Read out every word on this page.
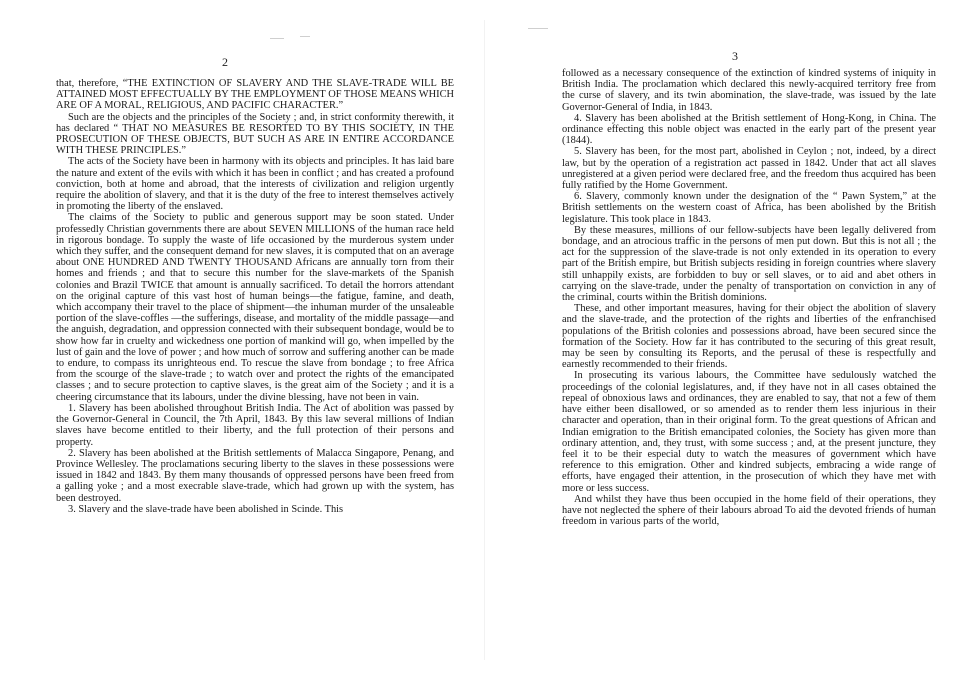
that, therefore, “THE EXTINCTION OF SLAVERY AND THE SLAVE-TRADE WILL BE ATTAINED MOST EFFECTUALLY BY THE EMPLOYMENT OF THOSE MEANS WHICH ARE OF A MORAL, RELIGIOUS, AND PACIFIC CHARACTER.”

Such are the objects and the principles of the Society ; and, in strict conformity therewith, it has declared “ THAT NO MEASURES BE RESORTED TO BY THIS SOCIETY, IN THE PROSECUTION OF THESE OBJECTS, BUT SUCH AS ARE IN ENTIRE ACCORDANCE WITH THESE PRINCIPLES.”

The acts of the Society have been in harmony with its objects and principles. It has laid bare the nature and extent of the evils with which it has been in conflict ; and has created a profound conviction, both at home and abroad, that the interests of civilization and religion urgently require the abolition of slavery, and that it is the duty of the free to interest themselves actively in promoting the liberty of the enslaved.

The claims of the Society to public and generous support may be soon stated. Under professedly Christian governments there are about SEVEN MILLIONS of the human race held in rigorous bondage. To supply the waste of life occasioned by the murderous system under which they suffer, and the consequent demand for new slaves, it is computed that on an average about ONE HUNDRED AND TWENTY THOUSAND Africans are annually torn from their homes and friends ; and that to secure this number for the slave-markets of the Spanish colonies and Brazil TWICE that amount is annually sacrificed. To detail the horrors attendant on the original capture of this vast host of human beings—the fatigue, famine, and death, which accompany their travel to the place of shipment—the inhuman murder of the unsaleable portion of the slave-coffles —the sufferings, disease, and mortality of the middle passage—and the anguish, degradation, and oppression connected with their subsequent bondage, would be to show how far in cruelty and wickedness one portion of mankind will go, when impelled by the lust of gain and the love of power ; and how much of sorrow and suffering another can be made to endure, to compass its unrighteous end. To rescue the slave from bondage ; to free Africa from the scourge of the slave-trade ; to watch over and protect the rights of the emancipated classes ; and to secure protection to captive slaves, is the great aim of the Society ; and it is a cheering circumstance that its labours, under the divine blessing, have not been in vain.

1. Slavery has been abolished throughout British India. The Act of abolition was passed by the Governor-General in Council, the 7th April, 1843. By this law several millions of Indian slaves have become entitled to their liberty, and the full protection of their persons and property.

2. Slavery has been abolished at the British settlements of Malacca Singapore, Penang, and Province Wellesley. The proclamations securing liberty to the slaves in these possessions were issued in 1842 and 1843. By them many thousands of oppressed persons have been freed from a galling yoke ; and a most execrable slave-trade, which had grown up with the system, has been destroyed.

3. Slavery and the slave-trade have been abolished in Scinde. This

2

followed as a necessary consequence of the extinction of kindred systems of iniquity in British India. The proclamation which declared this newly-acquired territory free from the curse of slavery, and its twin abomination, the slave-trade, was issued by the late Governor-General of India, in 1843.

4. Slavery has been abolished at the British settlement of Hong-Kong, in China. The ordinance effecting this noble object was enacted in the early part of the present year (1844).

5. Slavery has been, for the most part, abolished in Ceylon ; not, indeed, by a direct law, but by the operation of a registration act passed in 1842. Under that act all slaves unregistered at a given period were declared free, and the freedom thus acquired has been fully ratified by the Home Government.

6. Slavery, commonly known under the designation of the “ Pawn System,” at the British settlements on the western coast of Africa, has been abolished by the British legislature. This took place in 1843.

By these measures, millions of our fellow-subjects have been legally delivered from bondage, and an atrocious traffic in the persons of men put down. But this is not all ; the act for the suppression of the slave-trade is not only extended in its operation to every part of the British empire, but British subjects residing in foreign countries where slavery still unhappily exists, are forbidden to buy or sell slaves, or to aid and abet others in carrying on the slave-trade, under the penalty of transportation on conviction in any of the criminal, courts within the British dominions.

These, and other important measures, having for their object the abolition of slavery and the slave-trade, and the protection of the rights and liberties of the enfranchised populations of the British colonies and possessions abroad, have been secured since the formation of the Society. How far it has contributed to the securing of this great result, may be seen by consulting its Reports, and the perusal of these is respectfully and earnestly recommended to their friends.

In prosecuting its various labours, the Committee have sedulously watched the proceedings of the colonial legislatures, and, if they have not in all cases obtained the repeal of obnoxious laws and ordinances, they are enabled to say, that not a few of them have either been disallowed, or so amended as to render them less injurious in their character and operation, than in their original form. To the great questions of African and Indian emigration to the British emancipated colonies, the Society has given more than ordinary attention, and, they trust, with some success ; and, at the present juncture, they feel it to be their especial duty to watch the measures of government which have reference to this emigration. Other and kindred subjects, embracing a wide range of efforts, have engaged their attention, in the prosecution of which they have met with more or less success.

And whilst they have thus been occupied in the home field of their operations, they have not neglected the sphere of their labours abroad To aid the devoted friends of human freedom in various parts of the world,

3
